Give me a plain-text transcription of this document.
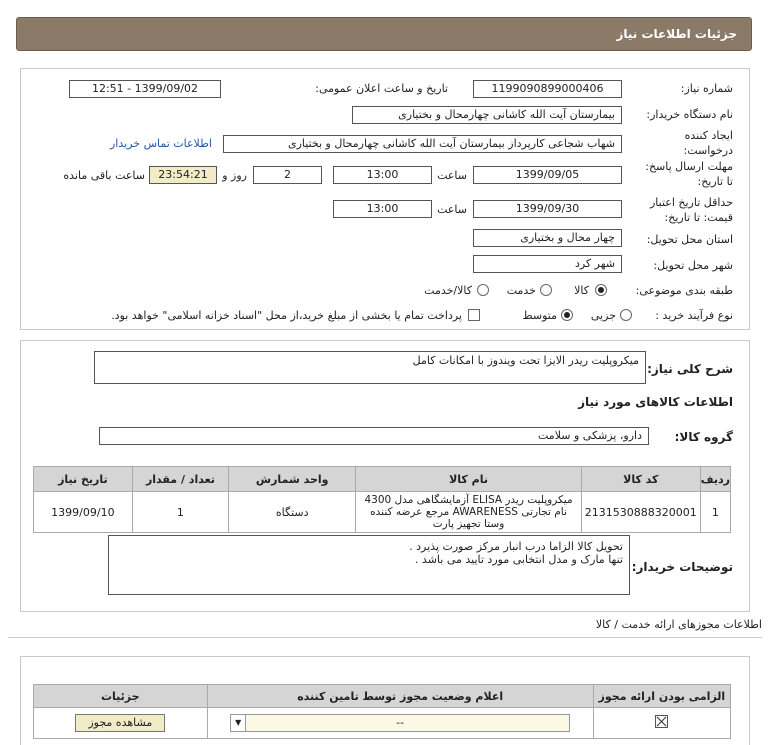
جزئیات اطلاعات نیاز
شماره نیاز:
1199090899000406
تاریخ و ساعت اعلان عمومی:
1399/09/02 - 12:51
نام دستگاه خریدار:
بیمارستان آیت الله کاشانی چهارمحال و بختیاری
ایجاد کننده
درخواست:
شهاب شجاعی کارپرداز بیمارستان آیت الله کاشانی چهارمحال و بختیاری
اطلاعات تماس خریدار
مهلت ارسال پاسخ:
تا تاریخ:
1399/09/05
ساعت
13:00
2
روز و
23:54:21
ساعت باقی مانده
حداقل تاریخ اعتبار
قیمت: تا تاریخ:
1399/09/30
ساعت
13:00
استان محل تحویل:
چهار محال و بختیاری
شهر محل تحویل:
شهر کرد
طبقه بندی موضوعی:
کالا
خدمت
کالا/خدمت
نوع فرآیند خرید :
جزیی
متوسط
پرداخت تمام یا بخشی از مبلغ خرید،از محل "اسناد خزانه اسلامی" خواهد بود.
شرح کلی نیاز:
میکروپلیت ریدر الایزا تحت ویندوز با امکانات کامل
اطلاعات کالاهای مورد نیاز
گروه کالا:
دارو، پزشکی و سلامت
ردیف	کد کالا	نام کالا	واحد شمارش	تعداد / مقدار	تاریخ نیاز
1	2131530888320001	میکروپلیت ریدر ELISA آزمایشگاهی مدل 4300 نام تجارتی AWARENESS مرجع عرضه کننده وستا تجهیز پارت	دستگاه	1	1399/09/10
توضیحات خریدار:
تحویل کالا الزاما درب انبار مرکز صورت پذیرد .
تنها مارک و مدل انتخابی مورد تایید می باشد .
اطلاعات مجوزهای ارائه خدمت / کالا
الزامی بودن ارائه مجوز	اعلام وضعیت مجوز توسط تامین کننده	جزئیات

	▼ --	مشاهده مجوز
